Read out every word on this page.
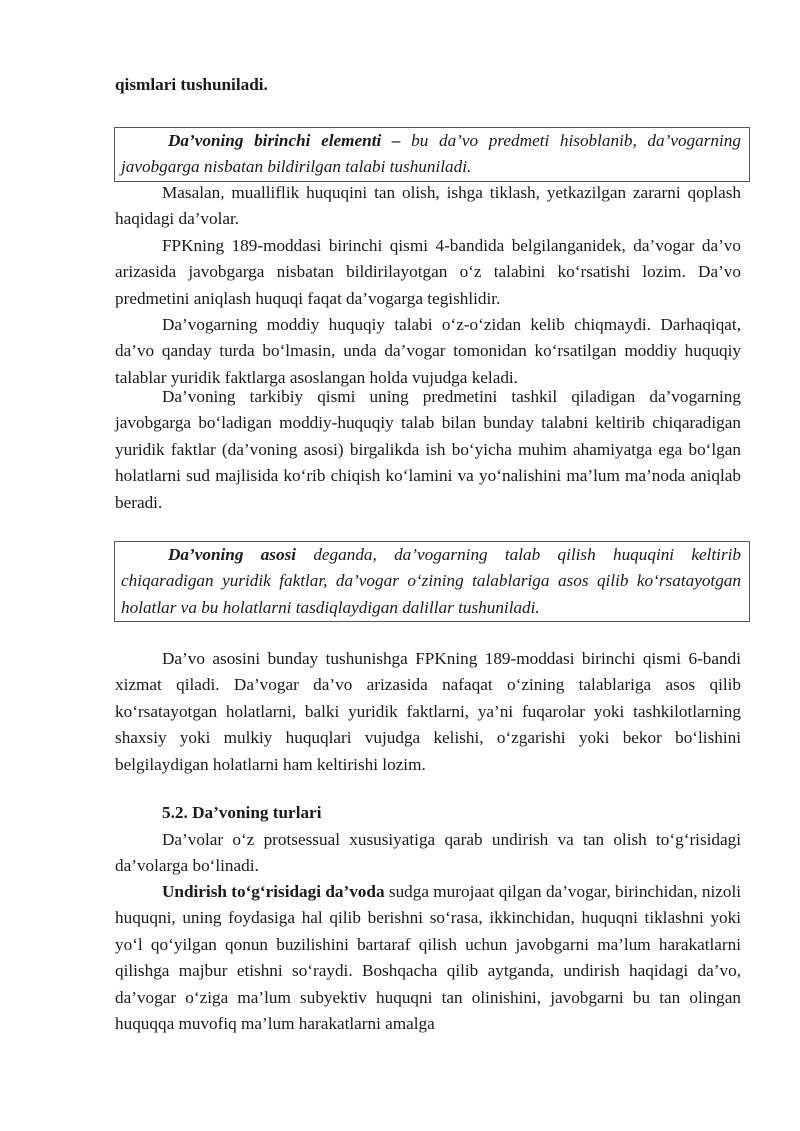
qismlari tushuniladi.

Da’voning birinchi elementi – bu da’vo predmeti hisoblanib, da’vogarning javobgarga nisbatan bildirilgan talabi tushuniladi.

Masalan, mualliflik huquqini tan olish, ishga tiklash, yetkazilgan zararni qoplash haqidagi da’volar.

FPKning 189-moddasi birinchi qismi 4-bandida belgilanganidek, da’vogar da’vo arizasida javobgarga nisbatan bildirilayotgan o‘z talabini ko‘rsatishi lozim. Da’vo predmetini aniqlash huquqi faqat da’vogarga tegishlidir.

Da’vogarning moddiy huquqiy talabi o‘z-o‘zidan kelib chiqmaydi. Darhaqiqat, da’vo qanday turda bo‘lmasin, unda da’vogar tomonidan ko‘rsatilgan moddiy huquqiy talablar yuridik faktlarga asoslangan holda vujudga keladi.

Da’voning tarkibiy qismi uning predmetini tashkil qiladigan da’vogarning javobgarga bo‘ladigan moddiy-huquqiy talab bilan bunday talabni keltirib chiqaradigan yuridik faktlar (da’voning asosi) birgalikda ish bo‘yicha muhim ahamiyatga ega bo‘lgan holatlarni sud majlisida ko‘rib chiqish ko‘lamini va yo‘nalishini ma’lum ma’noda aniqlab beradi.

Da’voning asosi deganda, da’vogarning talab qilish huquqini keltirib chiqaradigan yuridik faktlar, da’vogar o‘zining talablariga asos qilib ko‘rsatayotgan holatlar va bu holatlarni tasdiqlaydigan dalillar tushuniladi.

Da’vo asosini bunday tushunishga FPKning 189-moddasi birinchi qismi 6-bandi xizmat qiladi. Da’vogar da’vo arizasida nafaqat o‘zining talablariga asos qilib ko‘rsatayotgan holatlarni, balki yuridik faktlarni, ya’ni fuqarolar yoki tashkilotlarning shaxsiy yoki mulkiy huquqlari vujudga kelishi, o‘zgarishi yoki bekor bo‘lishini belgilaydigan holatlarni ham keltirishi lozim.

5.2. Da’voning turlari

Da’volar o‘z protsessual xususiyatiga qarab undirish va tan olish to‘g‘risidagi da’volarga bo‘linadi.

Undirish to‘g‘risidagi da’voda sudga murojaat qilgan da’vogar, birinchidan, nizoli huquqni, uning foydasiga hal qilib berishni so‘rasa, ikkinchidan, huquqni tiklashni yoki yo‘l qo‘yilgan qonun buzilishini bartaraf qilish uchun javobgarni ma’lum harakatlarni qilishga majbur etishni so‘raydi. Boshqacha qilib aytganda, undirish haqidagi da’vo, da’vogar o‘ziga ma’lum subyektiv huquqni tan olinishini, javobgarni bu tan olingan huquqqa muvofiq ma’lum harakatlarni amalga
